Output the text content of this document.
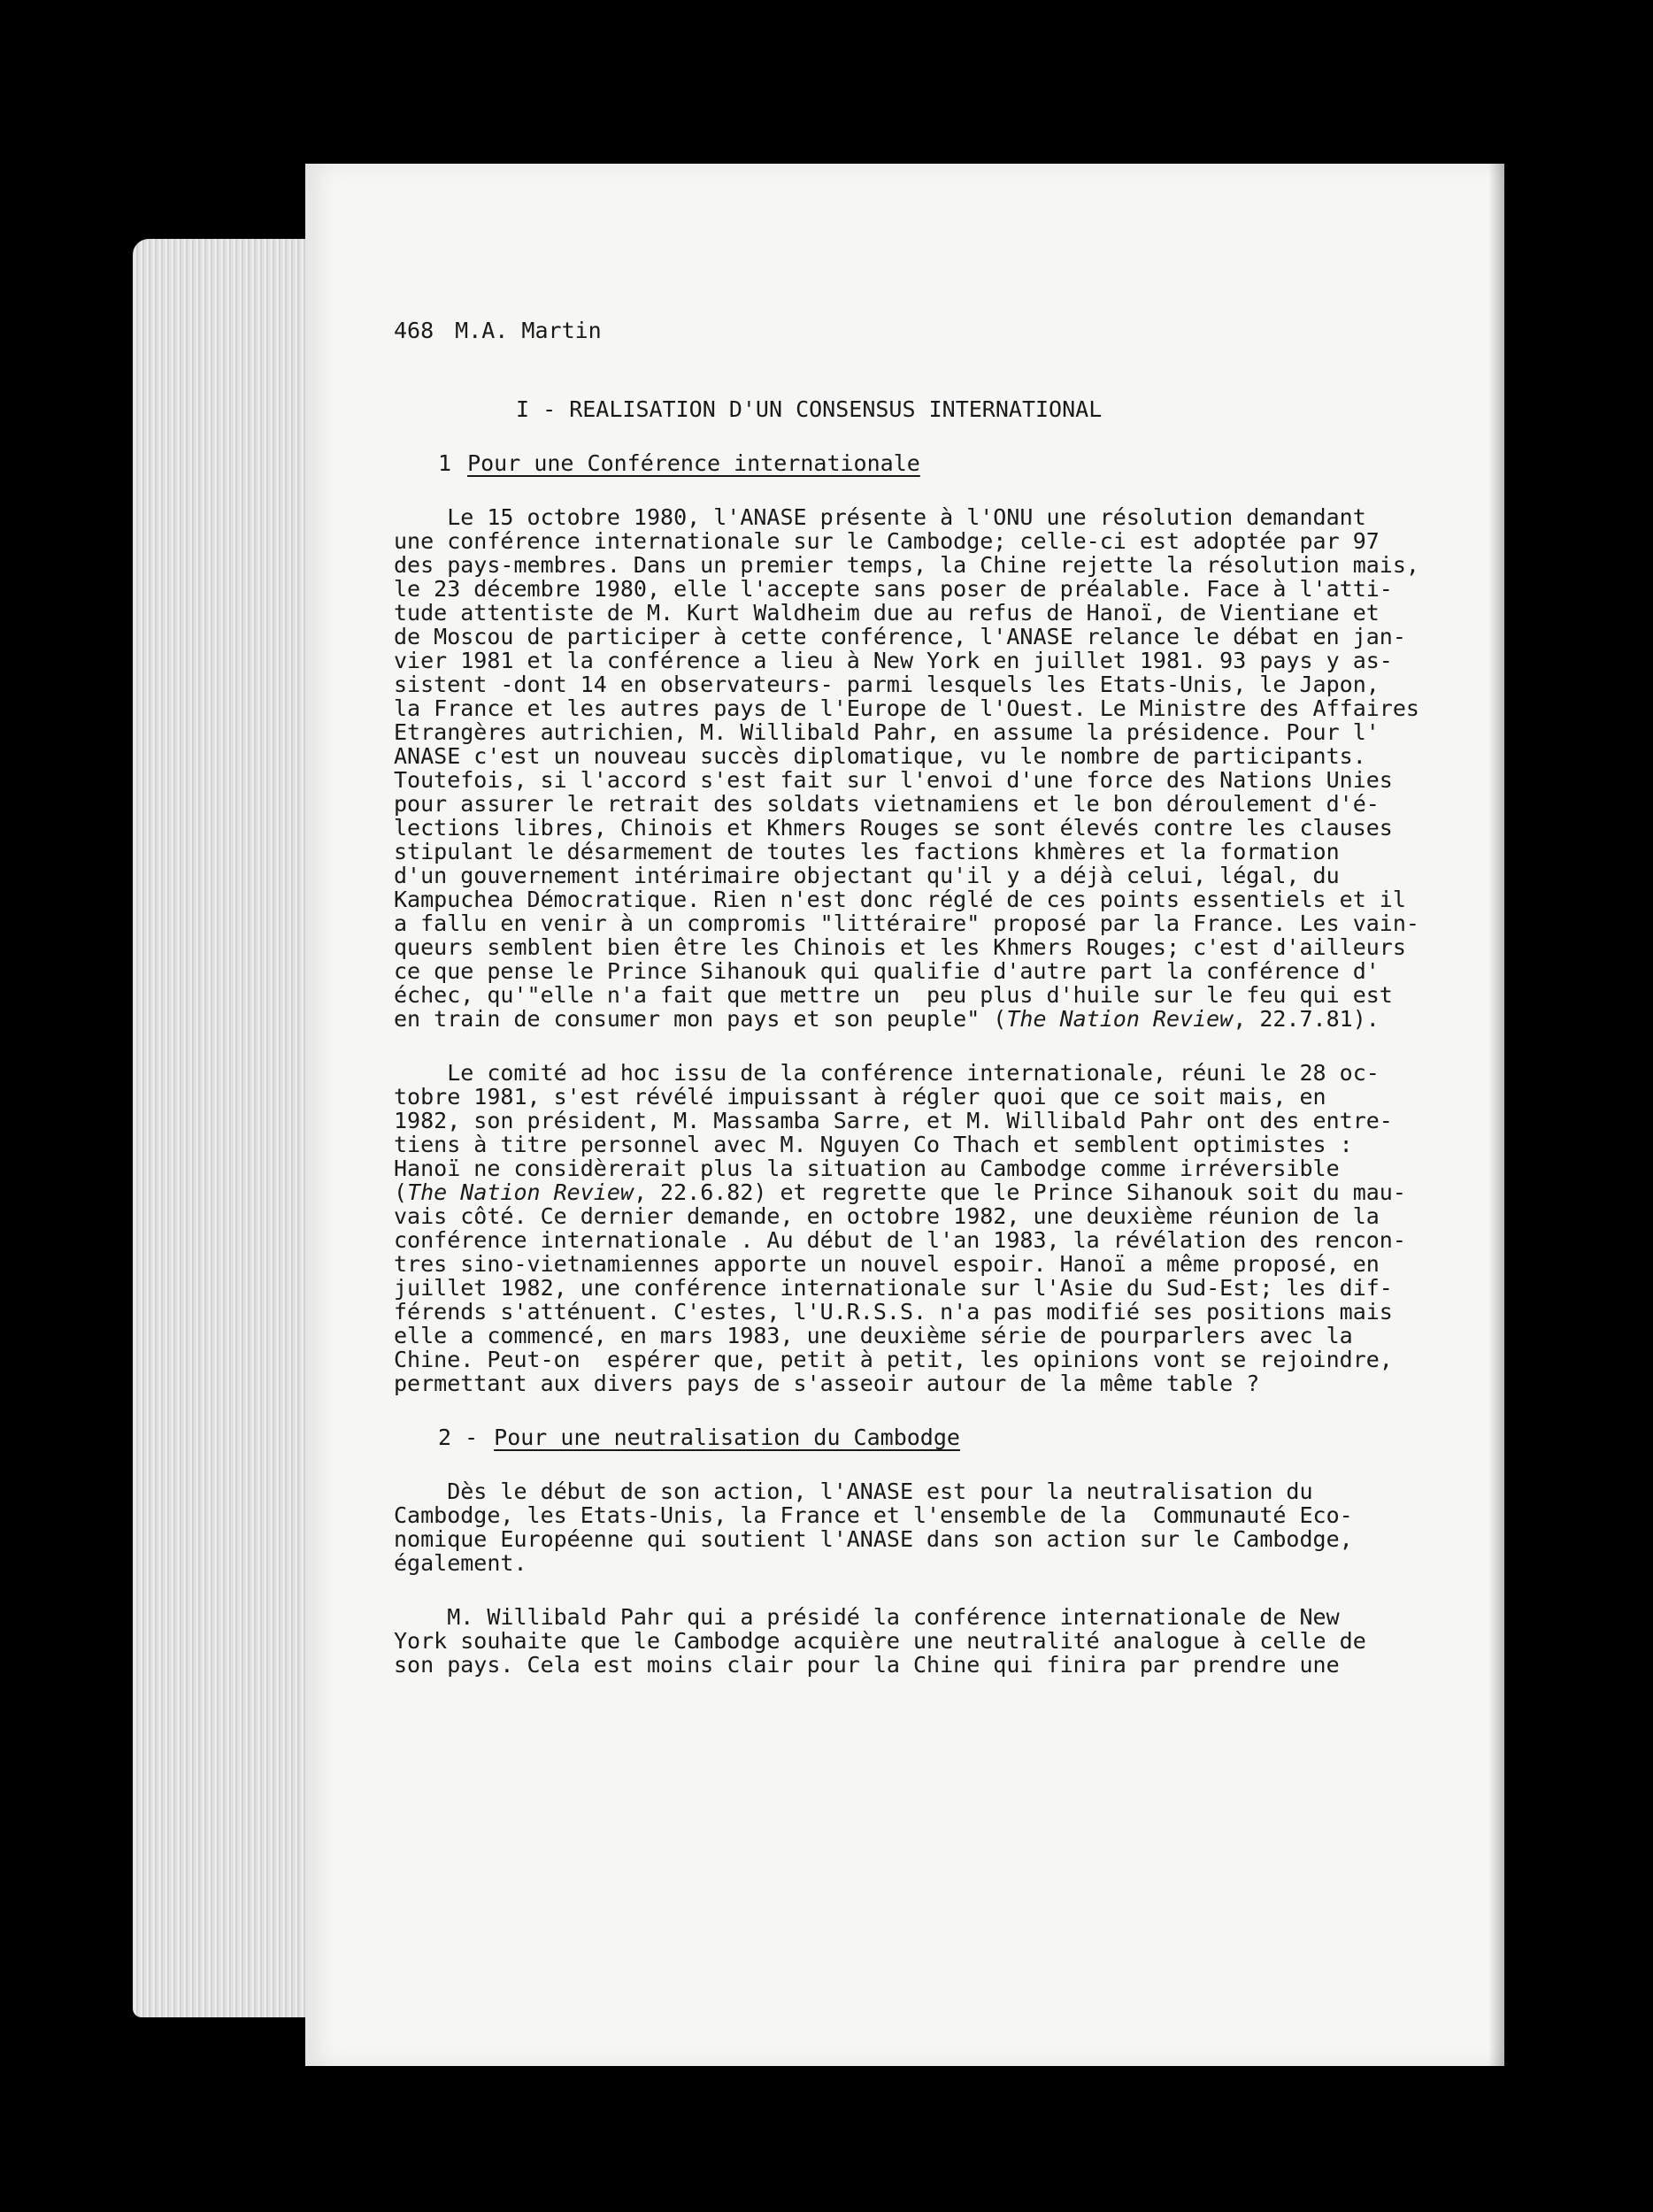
468 M.A. Martin
I - REALISATION D'UN CONSENSUS INTERNATIONAL
1 Pour une Conférence internationale

Le 15 octobre 1980, l'ANASE présente à l'ONU une résolution demandant
une conférence internationale sur le Cambodge; celle-ci est adoptée par 97
des pays-membres. Dans un premier temps, la Chine rejette la résolution mais,
le 23 décembre 1980, elle l'accepte sans poser de préalable. Face à l'atti-
tude attentiste de M. Kurt Waldheim due au refus de Hanoï, de Vientiane et
de Moscou de participer à cette conférence, l'ANASE relance le débat en jan-
vier 1981 et la conférence a lieu à New York en juillet 1981. 93 pays y as-
sistent -dont 14 en observateurs- parmi lesquels les Etats-Unis, le Japon,
la France et les autres pays de l'Europe de l'Ouest. Le Ministre des Affaires
Etrangères autrichien, M. Willibald Pahr, en assume la présidence. Pour l'
ANASE c'est un nouveau succès diplomatique, vu le nombre de participants.
Toutefois, si l'accord s'est fait sur l'envoi d'une force des Nations Unies
pour assurer le retrait des soldats vietnamiens et le bon déroulement d'é-
lections libres, Chinois et Khmers Rouges se sont élevés contre les clauses
stipulant le désarmement de toutes les factions khmères et la formation
d'un gouvernement intérimaire objectant qu'il y a déjà celui, légal, du
Kampuchea Démocratique. Rien n'est donc réglé de ces points essentiels et il
a fallu en venir à un compromis "littéraire" proposé par la France. Les vain-
queurs semblent bien être les Chinois et les Khmers Rouges; c'est d'ailleurs
ce que pense le Prince Sihanouk qui qualifie d'autre part la conférence d'
échec, qu'"elle n'a fait que mettre un  peu plus d'huile sur le feu qui est
en train de consumer mon pays et son peuple" (The Nation Review, 22.7.81).

Le comité ad hoc issu de la conférence internationale, réuni le 28 oc-
tobre 1981, s'est révélé impuissant à régler quoi que ce soit mais, en
1982, son président, M. Massamba Sarre, et M. Willibald Pahr ont des entre-
tiens à titre personnel avec M. Nguyen Co Thach et semblent optimistes :
Hanoï ne considèrerait plus la situation au Cambodge comme irréversible
(The Nation Review, 22.6.82) et regrette que le Prince Sihanouk soit du mau-
vais côté. Ce dernier demande, en octobre 1982, une deuxième réunion de la
conférence internationale . Au début de l'an 1983, la révélation des rencon-
tres sino-vietnamiennes apporte un nouvel espoir. Hanoï a même proposé, en
juillet 1982, une conférence internationale sur l'Asie du Sud-Est; les dif-
férends s'atténuent. C'estes, l'U.R.S.S. n'a pas modifié ses positions mais
elle a commencé, en mars 1983, une deuxième série de pourparlers avec la
Chine. Peut-on  espérer que, petit à petit, les opinions vont se rejoindre,
permettant aux divers pays de s'asseoir autour de la même table ?

2 - Pour une neutralisation du Cambodge

Dès le début de son action, l'ANASE est pour la neutralisation du
Cambodge, les Etats-Unis, la France et l'ensemble de la  Communauté Eco-
nomique Européenne qui soutient l'ANASE dans son action sur le Cambodge,
également.

M. Willibald Pahr qui a présidé la conférence internationale de New
York souhaite que le Cambodge acquière une neutralité analogue à celle de
son pays. Cela est moins clair pour la Chine qui finira par prendre une
